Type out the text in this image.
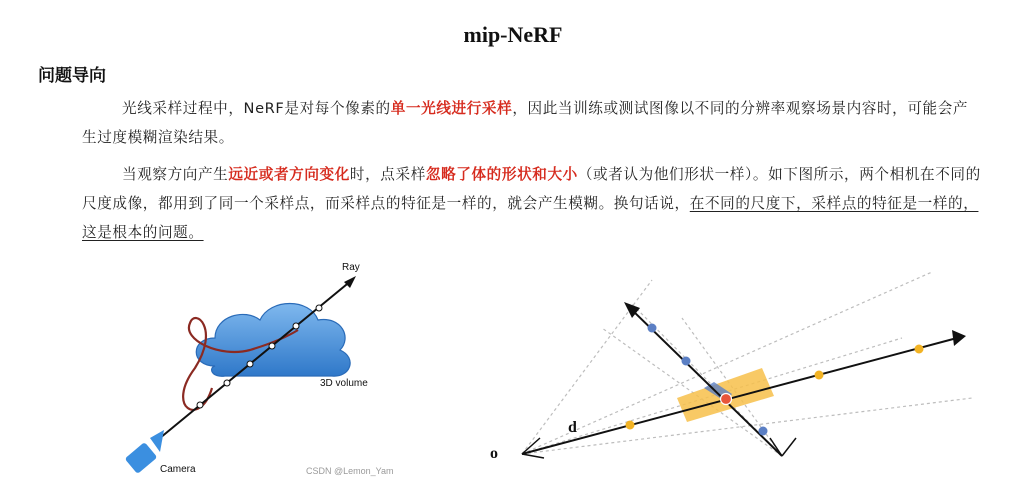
mip-NeRF
问题导向
光线采样过程中，NeRF是对每个像素的单一光线进行采样，因此当训练或测试图像以不同的分辨率观察场景内容时，可能会产生过度模糊渲染结果。
当观察方向产生远近或者方向变化时，点采样忽略了体的形状和大小（或者认为他们形状一样）。如下图所示，两个相机在不同的尺度成像，都用到了同一个采样点，而采样点的特征是一样的，就会产生模糊。换句话说，在不同的尺度下，采样点的特征是一样的，这是根本的问题。
Ray
3D volume
Camera
o
d
CSDN @Lemon_Yam
